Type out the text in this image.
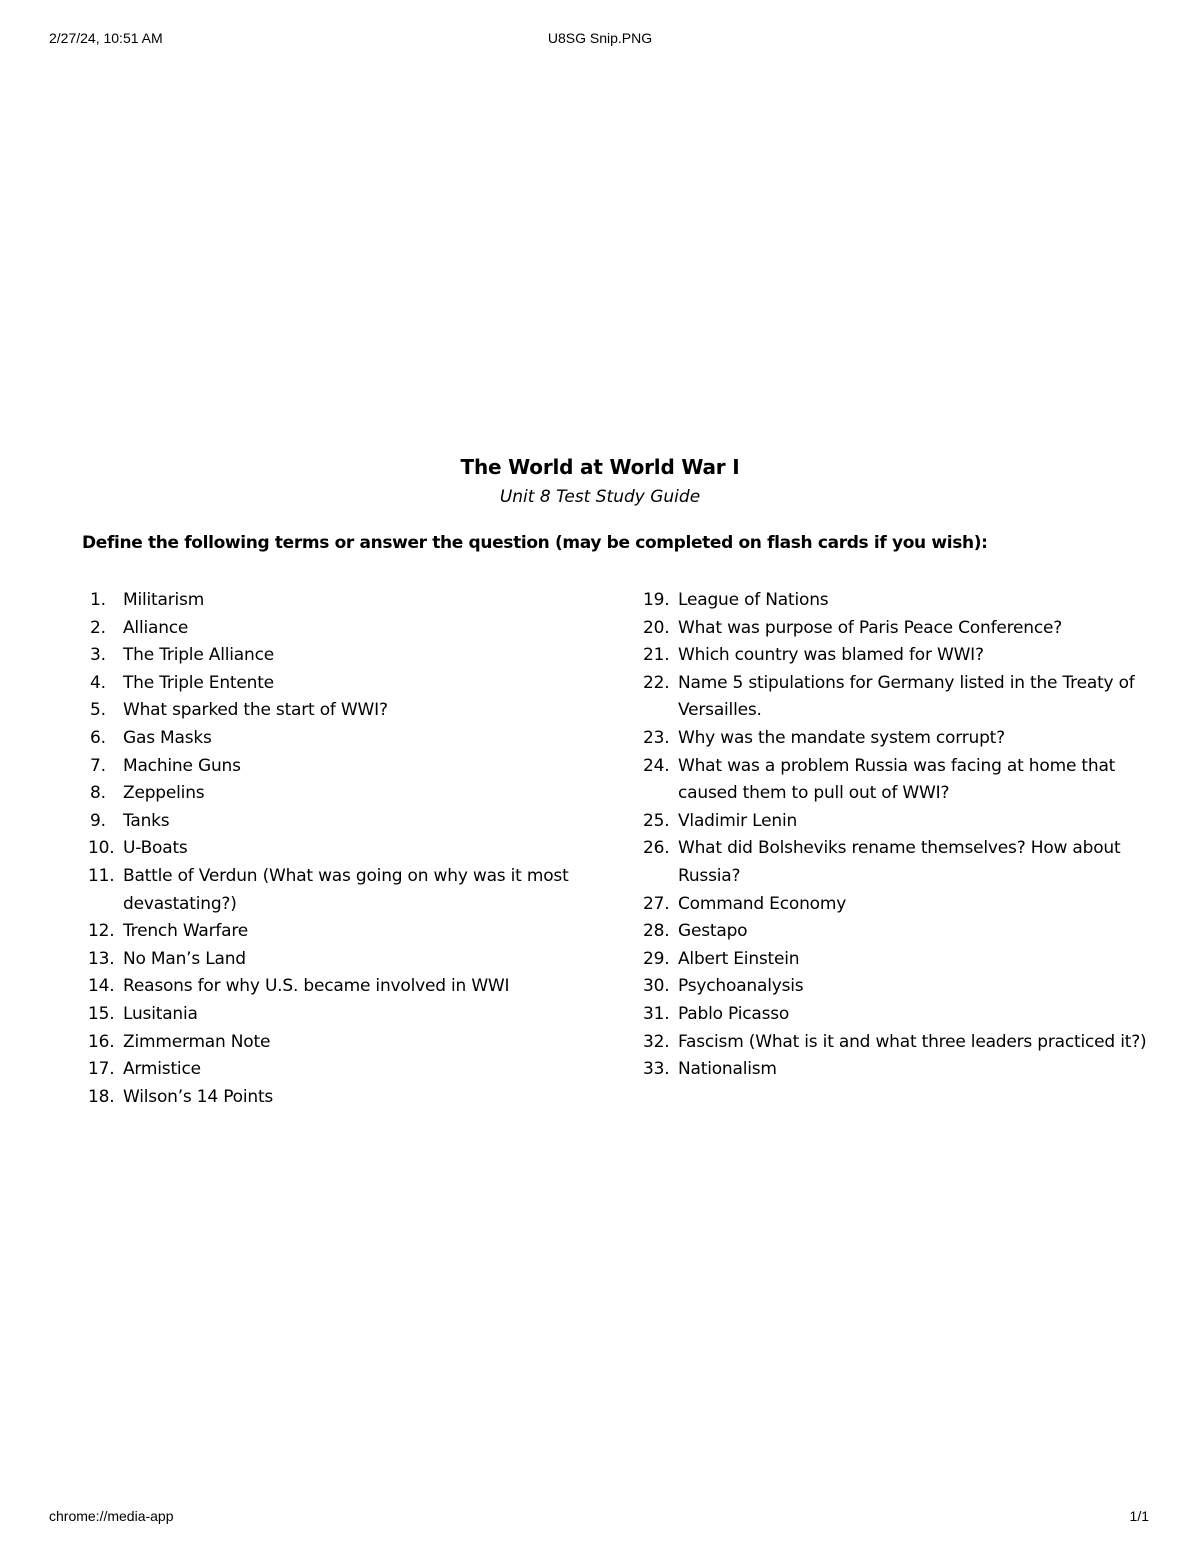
2/27/24, 10:51 AM	U8SG Snip.PNG
The World at World War I
Unit 8 Test Study Guide
Define the following terms or answer the question (may be completed on flash cards if you wish):
1. Militarism
2. Alliance
3. The Triple Alliance
4. The Triple Entente
5. What sparked the start of WWI?
6. Gas Masks
7. Machine Guns
8. Zeppelins
9. Tanks
10. U-Boats
11. Battle of Verdun (What was going on why was it most devastating?)
12. Trench Warfare
13. No Man’s Land
14. Reasons for why U.S. became involved in WWI
15. Lusitania
16. Zimmerman Note
17. Armistice
18. Wilson’s 14 Points
19. League of Nations
20. What was purpose of Paris Peace Conference?
21. Which country was blamed for WWI?
22. Name 5 stipulations for Germany listed in the Treaty of Versailles.
23. Why was the mandate system corrupt?
24. What was a problem Russia was facing at home that caused them to pull out of WWI?
25. Vladimir Lenin
26. What did Bolsheviks rename themselves? How about Russia?
27. Command Economy
28. Gestapo
29. Albert Einstein
30. Psychoanalysis
31. Pablo Picasso
32. Fascism (What is it and what three leaders practiced it?)
33. Nationalism
chrome://media-app	1/1
